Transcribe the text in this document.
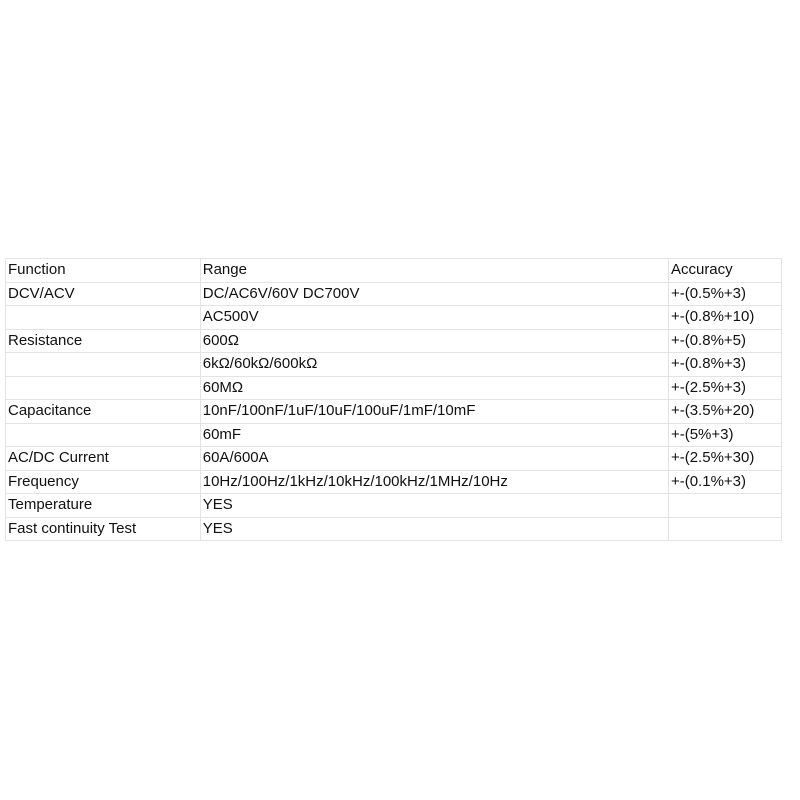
Function	Range	Accuracy
DCV/ACV	DC/AC6V/60V DC700V	+-(0.5%+3)
	AC500V	+-(0.8%+10)
Resistance	600Ω	+-(0.8%+5)
	6kΩ/60kΩ/600kΩ	+-(0.8%+3)
	60MΩ	+-(2.5%+3)
Capacitance	10nF/100nF/1uF/10uF/100uF/1mF/10mF	+-(3.5%+20)
	60mF	+-(5%+3)
AC/DC Current	60A/600A	+-(2.5%+30)
Frequency	10Hz/100Hz/1kHz/10kHz/100kHz/1MHz/10Hz	+-(0.1%+3)
Temperature	YES	
Fast continuity Test	YES	
